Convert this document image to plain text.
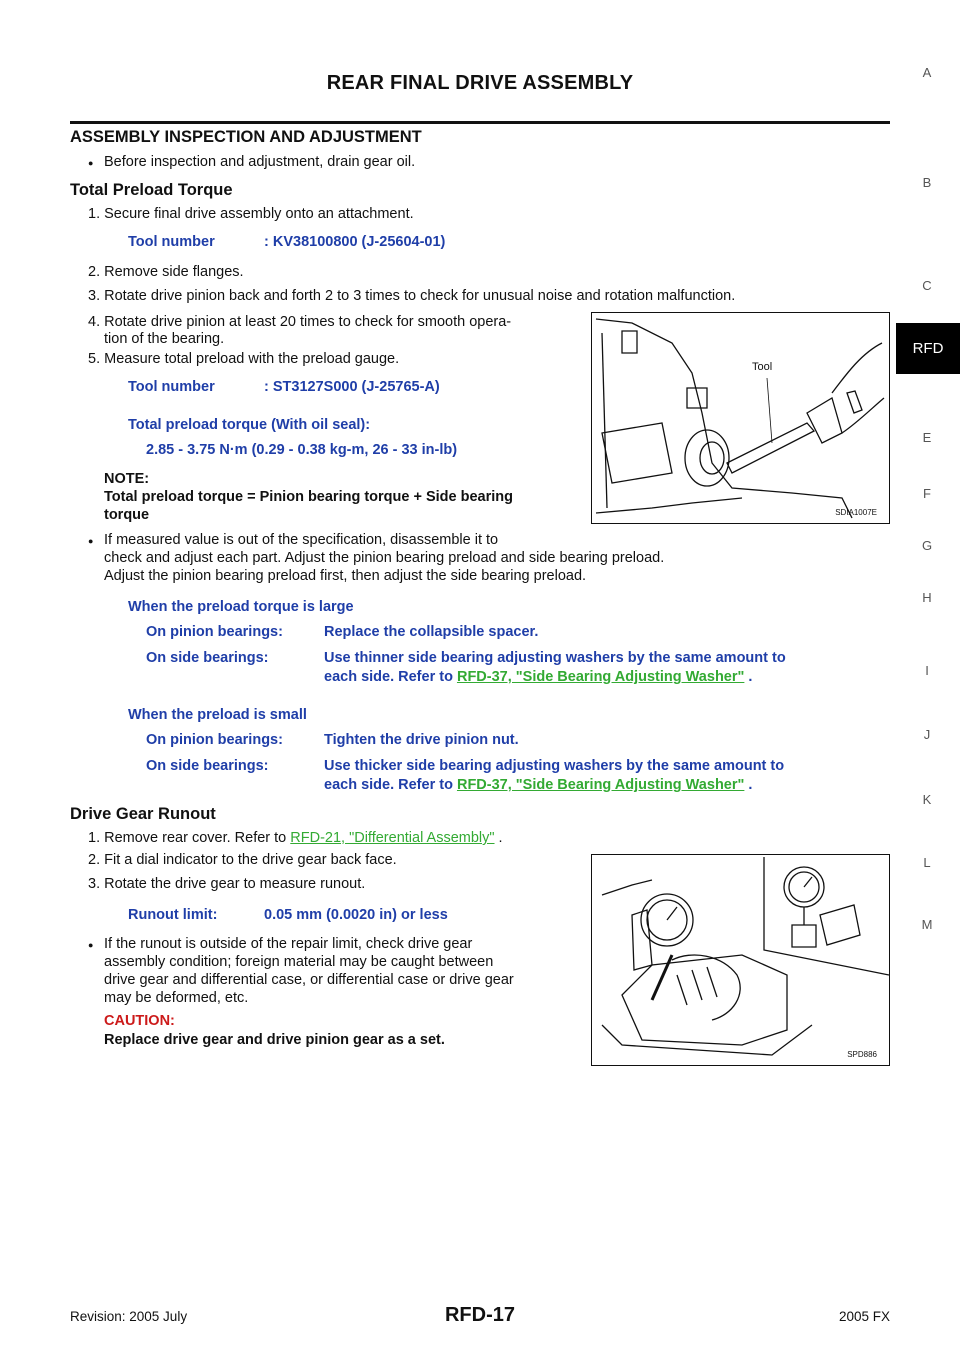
REAR FINAL DRIVE ASSEMBLY	A
B
C
RFD
E
F
G
H
I
J
K
L
M
ASSEMBLY INSPECTION AND ADJUSTMENT
● Before inspection and adjustment, drain gear oil.
Total Preload Torque
1. Secure final drive assembly onto an attachment.
Tool number	: KV38100800 (J-25604-01)
2. Remove side flanges.
3. Rotate drive pinion back and forth 2 to 3 times to check for unusual noise and rotation malfunction.
4. Rotate drive pinion at least 20 times to check for smooth opera-
tion of the bearing.
5. Measure total preload with the preload gauge.
Tool number	: ST3127S000 (J-25765-A)
Total preload torque (With oil seal):
2.85 - 3.75 N·m (0.29 - 0.38 kg-m, 26 - 33 in-lb)
NOTE:
Total preload torque = Pinion bearing torque + Side bearing
torque
● If measured value is out of the specification, disassemble it to
check and adjust each part. Adjust the pinion bearing preload and side bearing preload.
Adjust the pinion bearing preload first, then adjust the side bearing preload.
When the preload torque is large
On pinion bearings:	Replace the collapsible spacer.
On side bearings:	Use thinner side bearing adjusting washers by the same amount to
each side. Refer to RFD-37, "Side Bearing Adjusting Washer" .
When the preload is small
On pinion bearings:	Tighten the drive pinion nut.
On side bearings:	Use thicker side bearing adjusting washers by the same amount to
each side. Refer to RFD-37, "Side Bearing Adjusting Washer" .
Tool
SDIA1007E
Drive Gear Runout
1. Remove rear cover. Refer to RFD-21, "Differential Assembly" .
2. Fit a dial indicator to the drive gear back face.
3. Rotate the drive gear to measure runout.
Runout limit:	0.05 mm (0.0020 in) or less
● If the runout is outside of the repair limit, check drive gear
assembly condition; foreign material may be caught between
drive gear and differential case, or differential case or drive gear
may be deformed, etc.
CAUTION:
Replace drive gear and drive pinion gear as a set.
SPD886
Revision: 2005 July	RFD-17	2005 FX
